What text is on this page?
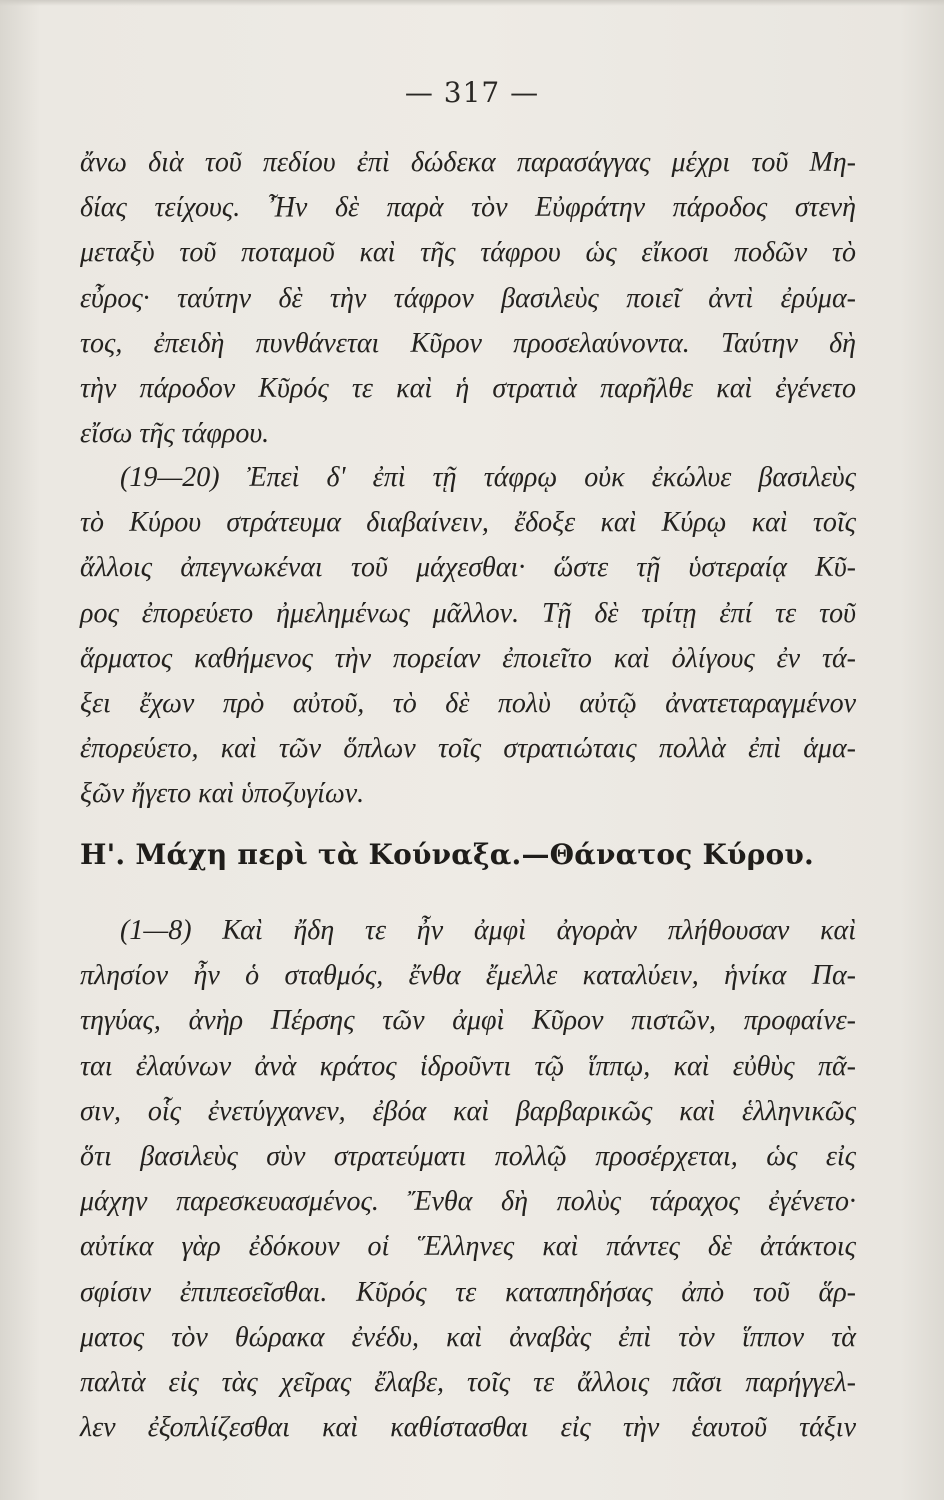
— 317 —
ἄνω διὰ τοῦ πεδίου ἐπὶ δώδεκα παρασάγγας μέχρι τοῦ Μη-
δίας τείχους. Ἦν δὲ παρὰ τὸν Εὐφράτην πάροδος στενὴ
μεταξὺ τοῦ ποταμοῦ καὶ τῆς τάφρου ὡς εἴκοσι ποδῶν τὸ
εὖρος· ταύτην δὲ τὴν τάφρον βασιλεὺς ποιεῖ ἀντὶ ἐρύμα-
τος, ἐπειδὴ πυνθάνεται Κῦρον προσελαύνοντα. Ταύτην δὴ
τὴν πάροδον Κῦρός τε καὶ ἡ στρατιὰ παρῆλθε καὶ ἐγένετο
εἴσω τῆς τάφρου.
(19—20) Ἐπεὶ δ' ἐπὶ τῇ τάφρῳ οὐκ ἐκώλυε βασιλεὺς
τὸ Κύρου στράτευμα διαβαίνειν, ἔδοξε καὶ Κύρῳ καὶ τοῖς
ἄλλοις ἀπεγνωκέναι τοῦ μάχεσθαι· ὥστε τῇ ὑστεραίᾳ Κῦ-
ρος ἐπορεύετο ἠμελημένως μᾶλλον. Τῇ δὲ τρίτῃ ἐπί τε τοῦ
ἅρματος καθήμενος τὴν πορείαν ἐποιεῖτο καὶ ὀλίγους ἐν τά-
ξει ἔχων πρὸ αὐτοῦ, τὸ δὲ πολὺ αὐτῷ ἀνατεταραγμένον
ἐπορεύετο, καὶ τῶν ὅπλων τοῖς στρατιώταις πολλὰ ἐπὶ ἁμα-
ξῶν ἤγετο καὶ ὑποζυγίων.
Η'. Μάχη περὶ τὰ Κούναξα.—Θάνατος Κύρου.
(1—8) Καὶ ἤδη τε ἦν ἀμφὶ ἀγορὰν πλήθουσαν καὶ
πλησίον ἦν ὁ σταθμός, ἔνθα ἔμελλε καταλύειν, ἡνίκα Πα-
τηγύας, ἀνὴρ Πέρσης τῶν ἀμφὶ Κῦρον πιστῶν, προφαίνε-
ται ἐλαύνων ἀνὰ κράτος ἱδροῦντι τῷ ἵππῳ, καὶ εὐθὺς πᾶ-
σιν, οἷς ἐνετύγχανεν, ἐβόα καὶ βαρβαρικῶς καὶ ἑλληνικῶς
ὅτι βασιλεὺς σὺν στρατεύματι πολλῷ προσέρχεται, ὡς εἰς
μάχην παρεσκευασμένος. Ἔνθα δὴ πολὺς τάραχος ἐγένετο·
αὐτίκα γὰρ ἐδόκουν οἱ Ἕλληνες καὶ πάντες δὲ ἀτάκτοις
σφίσιν ἐπιπεσεῖσθαι. Κῦρός τε καταπηδήσας ἀπὸ τοῦ ἅρ-
ματος τὸν θώρακα ἐνέδυ, καὶ ἀναβὰς ἐπὶ τὸν ἵππον τὰ
παλτὰ εἰς τὰς χεῖρας ἔλαβε, τοῖς τε ἄλλοις πᾶσι παρήγγελ-
λεν ἐξοπλίζεσθαι καὶ καθίστασθαι εἰς τὴν ἑαυτοῦ τάξιν
